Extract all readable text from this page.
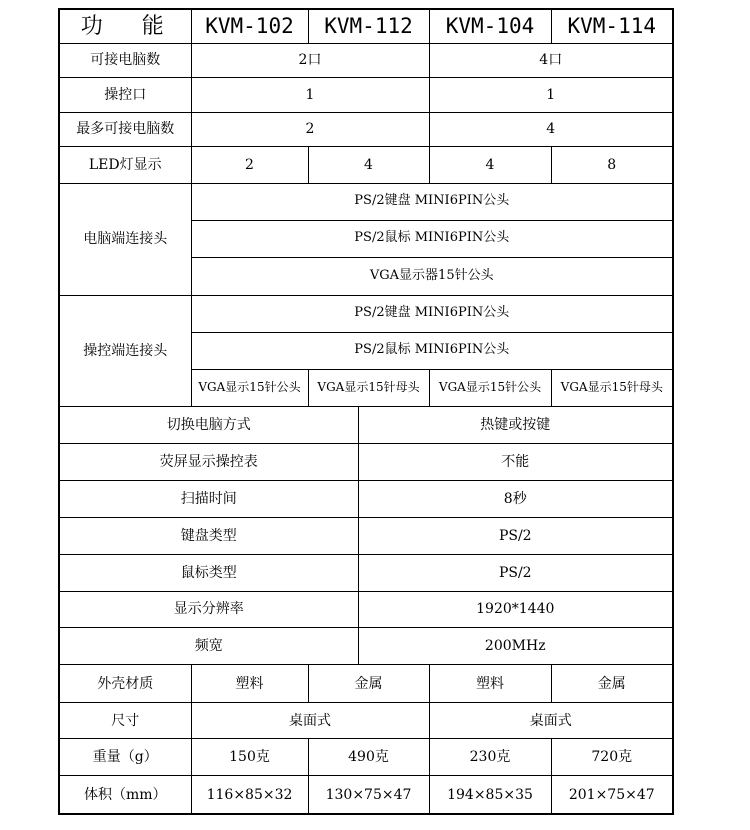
功 能	KVM-102	KVM-112		KVM-104	KVM-114
可接电脑数	2口			4口	
操控口	1			1	
最多可接电脑数	2			4	
LED灯显示	2	4		4	8
电脑端连接头	PS/2键盘 MINI6PIN公头				
	PS/2鼠标 MINI6PIN公头				
	VGA显示器15针公头				
操控端连接头	PS/2键盘 MINI6PIN公头				
	PS/2鼠标 MINI6PIN公头				
	VGA显示15针公头	VGA显示15针母头		VGA显示15针公头	VGA显示15针母头
切换电脑方式			热键或按键		
荧屏显示操控表			不能		
扫描时间			8秒		
键盘类型			PS/2		
鼠标类型			PS/2		
显示分辨率			1920*1440		
频宽			200MHz		
外壳材质	塑料	金属		塑料	金属
尺寸	桌面式			桌面式	
重量（g）	150克	490克		230克	720克
体积（mm）	116×85×32	130×75×47		194×85×35	201×75×47
